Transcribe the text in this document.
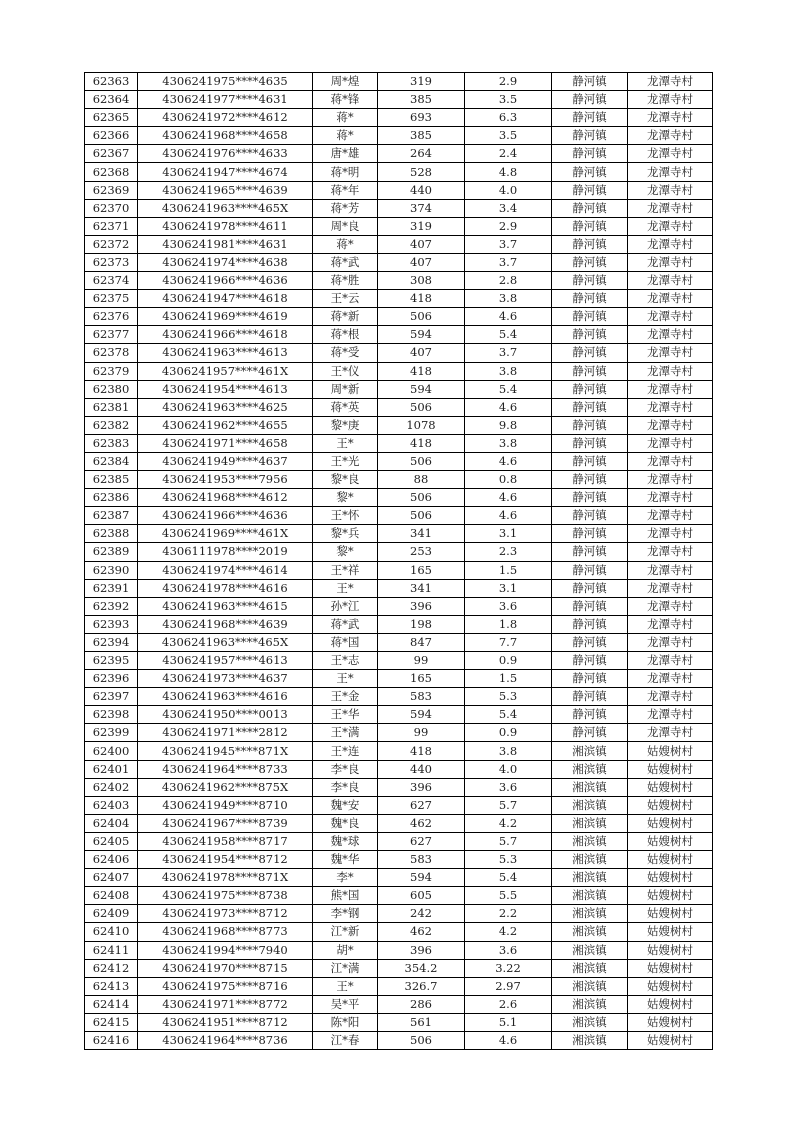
62363	4306241975****4635	周*煌	319	2.9	静河镇	龙潭寺村
62364	4306241977****4631	蒋*锋	385	3.5	静河镇	龙潭寺村
62365	4306241972****4612	蒋*	693	6.3	静河镇	龙潭寺村
62366	4306241968****4658	蒋*	385	3.5	静河镇	龙潭寺村
62367	4306241976****4633	唐*雄	264	2.4	静河镇	龙潭寺村
62368	4306241947****4674	蒋*明	528	4.8	静河镇	龙潭寺村
62369	4306241965****4639	蒋*年	440	4.0	静河镇	龙潭寺村
62370	4306241963****465X	蒋*芳	374	3.4	静河镇	龙潭寺村
62371	4306241978****4611	周*良	319	2.9	静河镇	龙潭寺村
62372	4306241981****4631	蒋*	407	3.7	静河镇	龙潭寺村
62373	4306241974****4638	蒋*武	407	3.7	静河镇	龙潭寺村
62374	4306241966****4636	蒋*胜	308	2.8	静河镇	龙潭寺村
62375	4306241947****4618	王*云	418	3.8	静河镇	龙潭寺村
62376	4306241969****4619	蒋*新	506	4.6	静河镇	龙潭寺村
62377	4306241966****4618	蒋*根	594	5.4	静河镇	龙潭寺村
62378	4306241963****4613	蒋*受	407	3.7	静河镇	龙潭寺村
62379	4306241957****461X	王*仪	418	3.8	静河镇	龙潭寺村
62380	4306241954****4613	周*新	594	5.4	静河镇	龙潭寺村
62381	4306241963****4625	蒋*英	506	4.6	静河镇	龙潭寺村
62382	4306241962****4655	黎*庚	1078	9.8	静河镇	龙潭寺村
62383	4306241971****4658	王*	418	3.8	静河镇	龙潭寺村
62384	4306241949****4637	王*光	506	4.6	静河镇	龙潭寺村
62385	4306241953****7956	黎*良	88	0.8	静河镇	龙潭寺村
62386	4306241968****4612	黎*	506	4.6	静河镇	龙潭寺村
62387	4306241966****4636	王*怀	506	4.6	静河镇	龙潭寺村
62388	4306241969****461X	黎*兵	341	3.1	静河镇	龙潭寺村
62389	4306111978****2019	黎*	253	2.3	静河镇	龙潭寺村
62390	4306241974****4614	王*祥	165	1.5	静河镇	龙潭寺村
62391	4306241978****4616	王*	341	3.1	静河镇	龙潭寺村
62392	4306241963****4615	孙*江	396	3.6	静河镇	龙潭寺村
62393	4306241968****4639	蒋*武	198	1.8	静河镇	龙潭寺村
62394	4306241963****465X	蒋*国	847	7.7	静河镇	龙潭寺村
62395	4306241957****4613	王*志	99	0.9	静河镇	龙潭寺村
62396	4306241973****4637	王*	165	1.5	静河镇	龙潭寺村
62397	4306241963****4616	王*金	583	5.3	静河镇	龙潭寺村
62398	4306241950****0013	王*华	594	5.4	静河镇	龙潭寺村
62399	4306241971****2812	王*满	99	0.9	静河镇	龙潭寺村
62400	4306241945****871X	王*连	418	3.8	湘滨镇	姑嫂树村
62401	4306241964****8733	李*良	440	4.0	湘滨镇	姑嫂树村
62402	4306241962****875X	李*良	396	3.6	湘滨镇	姑嫂树村
62403	4306241949****8710	魏*安	627	5.7	湘滨镇	姑嫂树村
62404	4306241967****8739	魏*良	462	4.2	湘滨镇	姑嫂树村
62405	4306241958****8717	魏*球	627	5.7	湘滨镇	姑嫂树村
62406	4306241954****8712	魏*华	583	5.3	湘滨镇	姑嫂树村
62407	4306241978****871X	李*	594	5.4	湘滨镇	姑嫂树村
62408	4306241975****8738	熊*国	605	5.5	湘滨镇	姑嫂树村
62409	4306241973****8712	李*钢	242	2.2	湘滨镇	姑嫂树村
62410	4306241968****8773	江*新	462	4.2	湘滨镇	姑嫂树村
62411	4306241994****7940	胡*	396	3.6	湘滨镇	姑嫂树村
62412	4306241970****8715	江*满	354.2	3.22	湘滨镇	姑嫂树村
62413	4306241975****8716	王*	326.7	2.97	湘滨镇	姑嫂树村
62414	4306241971****8772	吴*平	286	2.6	湘滨镇	姑嫂树村
62415	4306241951****8712	陈*阳	561	5.1	湘滨镇	姑嫂树村
62416	4306241964****8736	江*春	506	4.6	湘滨镇	姑嫂树村
